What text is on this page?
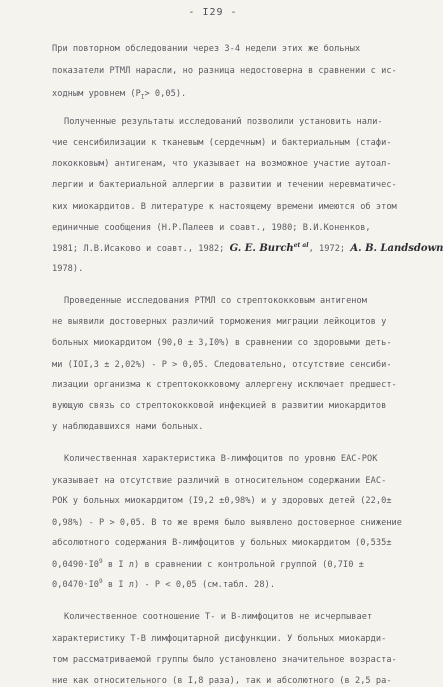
- I29 -
При повторном обследовании через 3-4 недели этих же больных
показатели РТМЛ нарасли, но разница недостоверна в сравнении с ис-
ходным уровнем $(P_I> 0,05)$.
Полученные результаты исследований позволили установить нали-
чие сенсибилизации к тканевым (сердечным) и бактериальным (стафи-
лококковым) антигенам, что указывает на возможное участие аутоал-
лергии и бактериальной аллергии в развитии и течении неревматичес-
ких миокардитов. В литературе к настоящему времени имеются об этом
единичные сообщения (Н.Р.Палеев и соавт., 1980; В.И.Коненков,
1981; Л.В.Исаково и соавт., 1982; G. E. Burch$^{et al}$, 1972; A. B. Landsdown
1978).
Проведенные исследования РТМЛ со стрептококковым антигеном
не выявили достоверных различий торможения миграции лейкоцитов у
больных миокардитом (90,0 ± 3,I0%) в сравнении со здоровыми деть-
ми (IOI,3 ± 2,02%) - P > 0,05. Следовательно, отсутствие сенсиби-
лизации организма к стрептококковому аллергену исключает предшест-
вующую связь со стрептококковой инфекцией в развитии миокардитов
у наблюдавшихся нами больных.
Количественная характеристика В-лимфоцитов по уровню ЕАС-РОК
указывает на отсутствие различий в относительном содержании ЕАС-
РОК у больных миокардитом (I9,2 ±0,98%) и у здоровых детей (22,0±
0,98%) - P > 0,05. В то же время было выявлено достоверное снижение
абсолютного содержания В-лимфоцитов у больных миокардитом (0,535±
$0,0490\cdot I0^9$ в I л) в сравнении с контрольной группой (0,7I0 ±
$0,0470\cdot I0^9$ в I л) - P < 0,05 (см.табл. 28).
Количественное соотношение Т- и В-лимфоцитов не исчерпывает
характеристику Т-В лимфоцитарной дисфункции. У больных миокарди-
том рассматриваемой группы было установлено значительное возраста-
ние как относительного (в I,8 раза), так и абсолютного (в 2,5 ра-
